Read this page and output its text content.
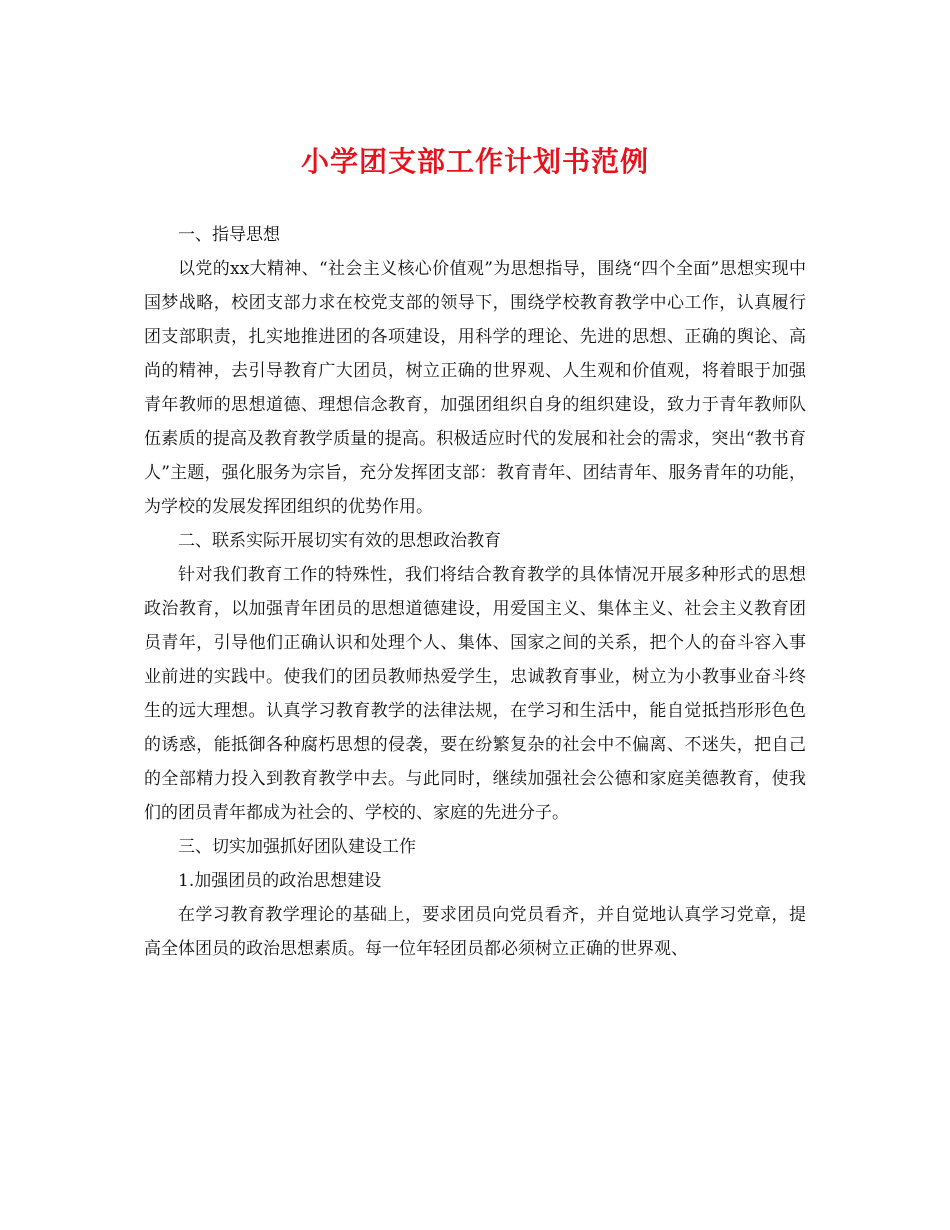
小学团支部工作计划书范例

一、指导思想

以党的xx大精神、“社会主义核心价值观”为思想指导，围绕“四个全面”思想实现中国梦战略，校团支部力求在校党支部的领导下，围绕学校教育教学中心工作，认真履行团支部职责，扎实地推进团的各项建设，用科学的理论、先进的思想、正确的舆论、高尚的精神，去引导教育广大团员，树立正确的世界观、人生观和价值观，将着眼于加强青年教师的思想道德、理想信念教育，加强团组织自身的组织建设，致力于青年教师队伍素质的提高及教育教学质量的提高。积极适应时代的发展和社会的需求，突出“教书育人”主题，强化服务为宗旨，充分发挥团支部：教育青年、团结青年、服务青年的功能，为学校的发展发挥团组织的优势作用。

二、联系实际开展切实有效的思想政治教育

针对我们教育工作的特殊性，我们将结合教育教学的具体情况开展多种形式的思想政治教育，以加强青年团员的思想道德建设，用爱国主义、集体主义、社会主义教育团员青年，引导他们正确认识和处理个人、集体、国家之间的关系，把个人的奋斗容入事业前进的实践中。使我们的团员教师热爱学生，忠诚教育事业，树立为小教事业奋斗终生的远大理想。认真学习教育教学的法律法规，在学习和生活中，能自觉抵挡形形色色的诱惑，能抵御各种腐朽思想的侵袭，要在纷繁复杂的社会中不偏离、不迷失，把自己的全部精力投入到教育教学中去。与此同时，继续加强社会公德和家庭美德教育，使我们的团员青年都成为社会的、学校的、家庭的先进分子。

三、切实加强抓好团队建设工作

1.加强团员的政治思想建设

在学习教育教学理论的基础上，要求团员向党员看齐，并自觉地认真学习党章，提高全体团员的政治思想素质。每一位年轻团员都必须树立正确的世界观、
